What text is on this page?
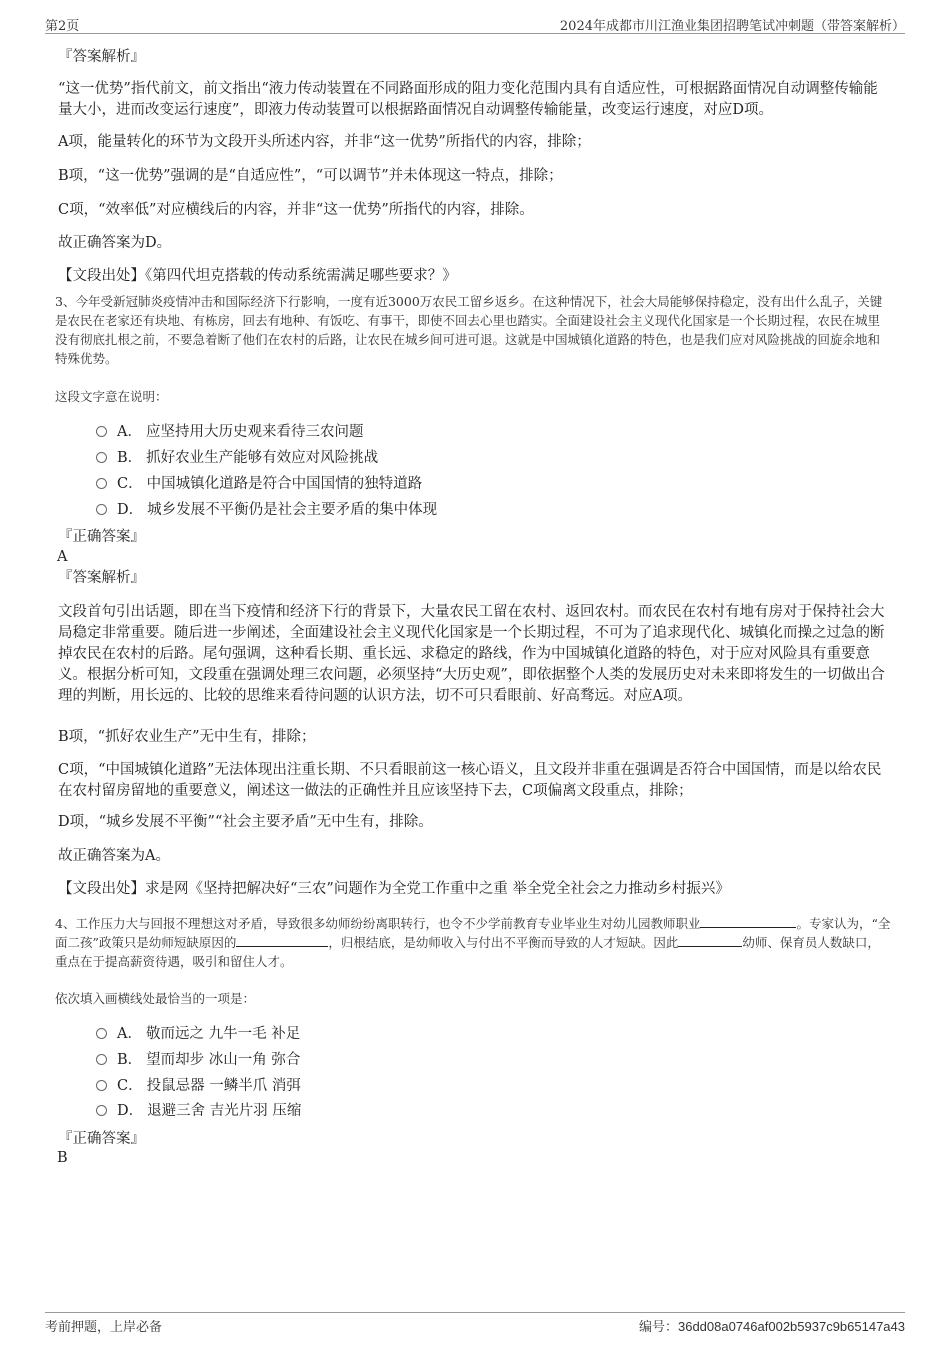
第2页	2024年成都市川江渔业集团招聘笔试冲刺题（带答案解析）
『答案解析』
“这一优势”指代前文，前文指出“液力传动装置在不同路面形成的阻力变化范围内具有自适应性，可根据路面情况自动调整传输能量大小，进而改变运行速度”，即液力传动装置可以根据路面情况自动调整传输能量，改变运行速度，对应D项。
A项，能量转化的环节为文段开头所述内容，并非“这一优势”所指代的内容，排除；
B项，“这一优势”强调的是“自适应性”，“可以调节”并未体现这一特点，排除；
C项，“效率低”对应横线后的内容，并非“这一优势”所指代的内容，排除。
故正确答案为D。
【文段出处】《第四代坦克搭载的传动系统需满足哪些要求？》
3、今年受新冠肺炎疫情冲击和国际经济下行影响，一度有近3000万农民工留乡返乡。在这种情况下，社会大局能够保持稳定，没有出什么乱子，关键是农民在老家还有块地、有栋房，回去有地种、有饭吃、有事干，即使不回去心里也踏实。全面建设社会主义现代化国家是一个长期过程，农民在城里没有彻底扎根之前，不要急着断了他们在农村的后路，让农民在城乡间可进可退。这就是中国城镇化道路的特色，也是我们应对风险挑战的回旋余地和特殊优势。
这段文字意在说明：
A． 应坚持用大历史观来看待三农问题
B． 抓好农业生产能够有效应对风险挑战
C． 中国城镇化道路是符合中国国情的独特道路
D． 城乡发展不平衡仍是社会主要矛盾的集中体现
『正确答案』
A
『答案解析』
文段首句引出话题，即在当下疫情和经济下行的背景下，大量农民工留在农村、返回农村。而农民在农村有地有房对于保持社会大局稳定非常重要。随后进一步阐述，全面建设社会主义现代化国家是一个长期过程，不可为了追求现代化、城镇化而操之过急的断掉农民在农村的后路。尾句强调，这种看长期、重长远、求稳定的路线，作为中国城镇化道路的特色，对于应对风险具有重要意义。根据分析可知，文段重在强调处理三农问题，必须坚持“大历史观”，即依据整个人类的发展历史对未来即将发生的一切做出合理的判断，用长远的、比较的思维来看待问题的认识方法，切不可只看眼前、好高骛远。对应A项。
B项，“抓好农业生产”无中生有，排除；
C项，“中国城镇化道路”无法体现出注重长期、不只看眼前这一核心语义，且文段并非重在强调是否符合中国国情，而是以给农民在农村留房留地的重要意义，阐述这一做法的正确性并且应该坚持下去，C项偏离文段重点，排除；
D项，“城乡发展不平衡”“社会主要矛盾”无中生有，排除。
故正确答案为A。
【文段出处】求是网《坚持把解决好“三农”问题作为全党工作重中之重 举全党全社会之力推动乡村振兴》
4、工作压力大与回报不理想这对矛盾，导致很多幼师纷纷离职转行，也令不少学前教育专业毕业生对幼儿园教师职业	。专家认为，“全面二孩”政策只是幼师短缺原因的	，归根结底，是幼师收入与付出不平衡而导致的人才短缺。因此	幼师、保育员人数缺口，重点在于提高薪资待遇，吸引和留住人才。
依次填入画横线处最恰当的一项是：
A． 敬而远之 九牛一毛 补足
B． 望而却步 冰山一角 弥合
C． 投鼠忌器 一鳞半爪 消弭
D． 退避三舍 吉光片羽 压缩
『正确答案』
B
考前押题，上岸必备	编号：36dd08a0746af002b5937c9b65147a43
